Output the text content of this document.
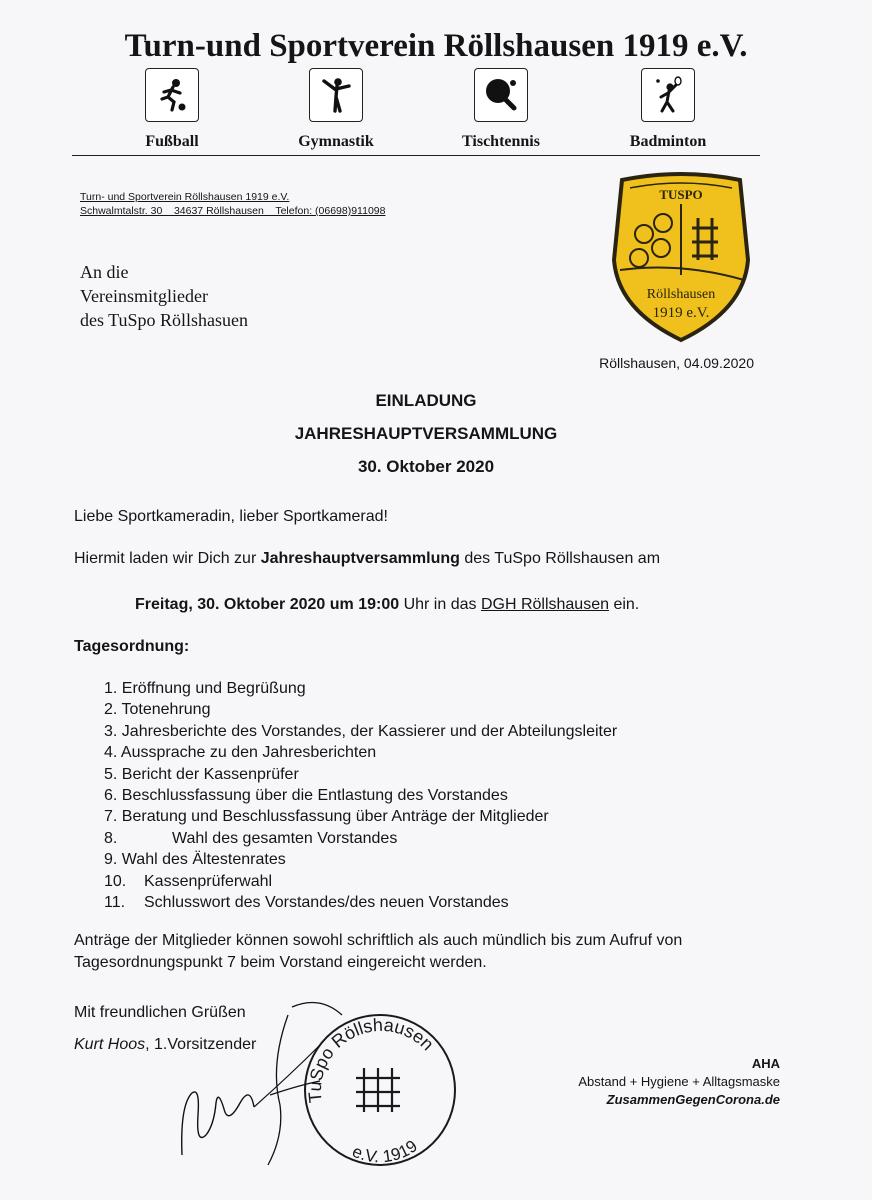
Turn-und Sportverein Röllshausen 1919 e.V.
Fußball	Gymnastik	Tischtennis	Badminton
Turn- und Sportverein Röllshausen 1919 e.V.
Schwalmtalstr. 30    34637 Röllshausen    Telefon: (06698)911098
An die
Vereinsmitglieder
des TuSpo Röllshasuen
TUSPO
Röllshausen
1919 e.V.
Röllshausen, 04.09.2020
EINLADUNG
JAHRESHAUPTVERSAMMLUNG
30. Oktober 2020
Liebe Sportkameradin, lieber Sportkamerad!
Hiermit laden wir Dich zur Jahreshauptversammlung des TuSpo Röllshausen am
Freitag, 30. Oktober 2020 um 19:00 Uhr in das DGH Röllshausen ein.
Tagesordnung:
1. Eröffnung und Begrüßung
2. Totenehrung
3. Jahresberichte des Vorstandes, der Kassierer und der Abteilungsleiter
4. Aussprache zu den Jahresberichten
5. Bericht der Kassenprüfer
6. Beschlussfassung über die Entlastung des Vorstandes
7. Beratung und Beschlussfassung über Anträge der Mitglieder
8.	Wahl des gesamten Vorstandes
9. Wahl des Ältestenrates
10. Kassenprüferwahl
11. Schlusswort des Vorstandes/des neuen Vorstandes
Anträge der Mitglieder können sowohl schriftlich als auch mündlich bis zum Aufruf von
Tagesordnungspunkt 7 beim Vorstand eingereicht werden.
Mit freundlichen Grüßen
Kurt Hoos, 1.Vorsitzender
TuSpo Röllshausen
e.V. 1919
AHA
Abstand + Hygiene + Alltagsmaske
ZusammenGegenCorona.de
